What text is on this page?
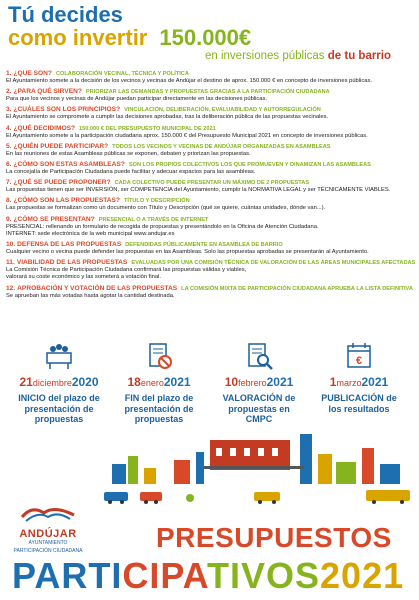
Tú decides
como invertir 150.000€
en inversiones públicas de tu barrio
1. ¿QUE SON? COLABORACIÓN VECINAL, TÉCNICA Y POLÍTICA
El Ayuntamiento somete a la decisión de los vecinos y vecinas de Andújar el destino de aprox. 150.000 € en concepto de inversiones públicas.
2. ¿PARA QUÉ SIRVEN? PRIORIZAR LAS DEMANDAS Y PROPUESTAS GRACIAS A LA PARTICIPACIÓN CIUDADANA
Para que los vecinos y vecinas de Andújar puedan participar directamente en las decisiones públicas.
3. ¿CUÁLES SON LOS PRINCIPIOS? VINCULACIÓN, DELIBERACIÓN, EVALUABILIDAD Y AUTORREGULACIÓN
El Ayuntamiento se compromete a cumplir las decisiones aprobadas, tras la deliberación pública de las propuestas vecinales.
4. ¿QUÉ DECIDIMOS? 150.000 € DEL PRESUPUESTO MUNICIPAL DE 2021
El Ayuntamiento somete a la participación ciudadana aprox. 150.000 € del Presupuesto Municipal 2021 en concepto de inversiones públicas.
5. ¿QUIÉN PUEDE PARTICIPAR? TODOS LOS VECINOS Y VECINAS DE ANDÚJAR ORGANIZADAS EN ASAMBLEAS
En las reuniones de estas Asambleas públicas se exponen, debaten y priorizan las propuestas.
6. ¿CÓMO SON ESTAS ASAMBLEAS? SON LOS PROPIOS COLECTIVOS LOS QUE PROMUEVEN Y DINAMIZAN LAS ASAMBLEAS
La concejalía de Participación Ciudadana puede facilitar y adecuar espacios para las asambleas.
7. ¿QUÉ SE PUEDE PROPONER? CADA COLECTIVO PUEDE PRESENTAR UN MÁXIMO DE 2 PROPUESTAS
Las propuestas tienen que ser INVERSIÓN, ser COMPETENCIA del Ayuntamiento, cumplir la NORMATIVA LEGAL y ser TÉCNICAMENTE VIABLES.
8. ¿CÓMO SON LAS PROPUESTAS? TÍTULO Y DESCRIPCIÓN
Las propuestas se formalizan como un documento con Título y Descripción (qué se quiere, cuántas unidades, dónde van...).
9. ¿CÓMO SE PRESENTAN? PRESENCIAL O A TRAVÉS DE INTERNET
PRESENCIAL: rellenando un formulario de recogida de propuestas y presentándolo en la Oficina de Atención Ciudadana.
INTERNET: sede electrónica de la web municipal www.andujar.es
10. DEFENSA DE LAS PROPUESTAS DEFENDIDAS PÚBLICAMENTE EN ASAMBLEA DE BARRIO
Cualquier vecino o vecina puede defender las propuestas en las Asambleas. Solo las propuestas aprobadas se presentarán al Ayuntamiento.
11. VIABILIDAD DE LAS PROPUESTAS EVALUADAS POR UNA COMISIÓN TÉCNICA DE VALORACIÓN DE LAS ÁREAS MUNICIPALES AFECTADAS
La Comisión Técnica de Participación Ciudadana confirmará las propuestas válidas y viables,
valorará su coste económico y las someterá a votación final.
12. APROBACIÓN Y VOTACIÓN DE LAS PROPUESTAS LA COMISIÓN MIXTA DE PARTICIPACIÓN CIUDADANA APRUEBA LA LISTA DEFINITIVA
Se aprueban las más votadas hasta agotar la cantidad destinada.
21diciembre2020
INICIO del plazo de presentación de propuestas
18enero2021
FIN del plazo de presentación de propuestas
10febrero2021
VALORACIÓN de propuestas en CMPC
€
1marzo2021
PUBLICACIÓN de los resultados
ANDÚJAR
AYUNTAMIENTO
PARTICIPACIÓN CIUDADANA	PRESUPUESTOS
PARTICIPATIVOS2021
